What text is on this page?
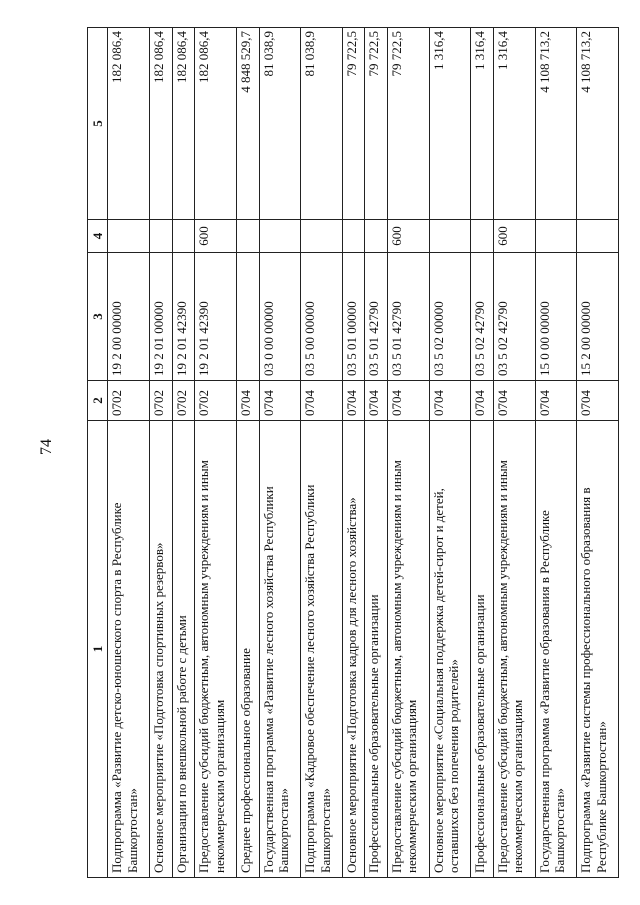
74
1	2	3	4	5
Подпрограмма «Развитие детско-юношеского спорта в Республике Башкортостан»	0702	19 2 00 00000		182 086,4
Основное мероприятие «Подготовка спортивных резервов»	0702	19 2 01 00000		182 086,4
Организации по внешкольной работе с детьми	0702	19 2 01 42390		182 086,4
Предоставление субсидий бюджетным, автономным учреждениям и иным некоммерческим организациям	0702	19 2 01 42390	600	182 086,4
Среднее профессиональное образование	0704			4 848 529,7
Государственная программа «Развитие лесного хозяйства Республики Башкортостан»	0704	03 0 00 00000		81 038,9
Подпрограмма «Кадровое обеспечение лесного хозяйства Республики Башкортостан»	0704	03 5 00 00000		81 038,9
Основное мероприятие «Подготовка кадров для лесного хозяйства»	0704	03 5 01 00000		79 722,5
Профессиональные образовательные организации	0704	03 5 01 42790		79 722,5
Предоставление субсидий бюджетным, автономным учреждениям и иным некоммерческим организациям	0704	03 5 01 42790	600	79 722,5
Основное мероприятие «Социальная поддержка детей-сирот и детей, оставшихся без попечения родителей»	0704	03 5 02 00000		1 316,4
Профессиональные образовательные организации	0704	03 5 02 42790		1 316,4
Предоставление субсидий бюджетным, автономным учреждениям и иным некоммерческим организациям	0704	03 5 02 42790	600	1 316,4
Государственная программа «Развитие образования в Республике Башкортостан»	0704	15 0 00 00000		4 108 713,2
Подпрограмма «Развитие системы профессионального образования в Республике Башкортостан»	0704	15 2 00 00000		4 108 713,2
